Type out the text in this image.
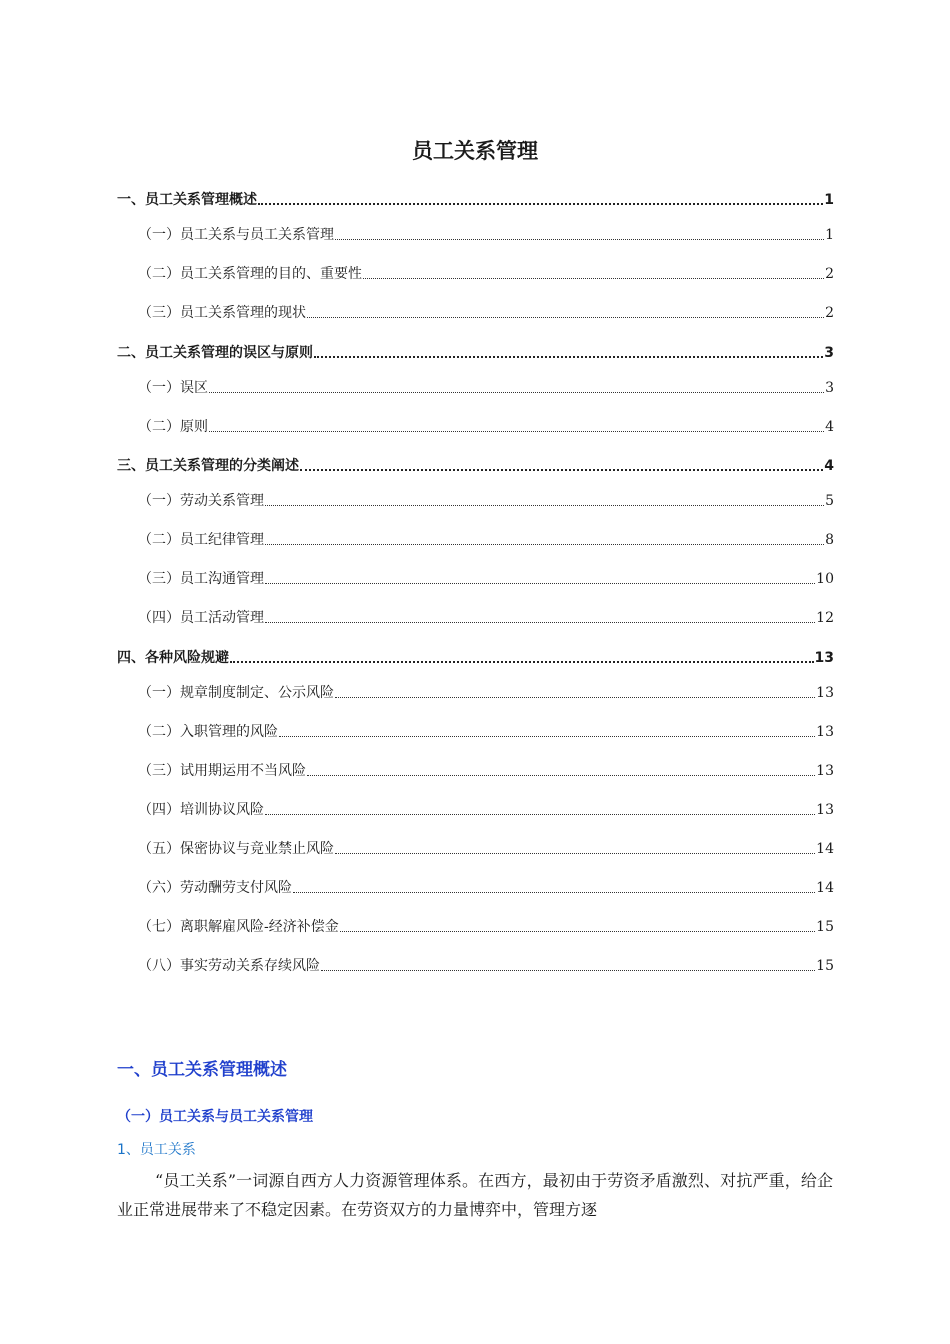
员工关系管理
一、员工关系管理概述	1
（一）员工关系与员工关系管理	1
（二）员工关系管理的目的、重要性	2
（三）员工关系管理的现状	2
二、员工关系管理的误区与原则	3
（一）误区	3
（二）原则	4
三、员工关系管理的分类阐述	4
（一）劳动关系管理	5
（二）员工纪律管理	8
（三）员工沟通管理	10
（四）员工活动管理	12
四、各种风险规避	13
（一）规章制度制定、公示风险	13
（二）入职管理的风险	13
（三）试用期运用不当风险	13
（四）培训协议风险	13
（五）保密协议与竞业禁止风险	14
（六）劳动酬劳支付风险	14
（七）离职解雇风险-经济补偿金	15
（八）事实劳动关系存续风险	15
一、员工关系管理概述
（一）员工关系与员工关系管理
1、员工关系
“员工关系”一词源自西方人力资源管理体系。在西方，最初由于劳资矛盾激烈、对抗严重，给企业正常进展带来了不稳定因素。在劳资双方的力量博弈中，管理方逐
